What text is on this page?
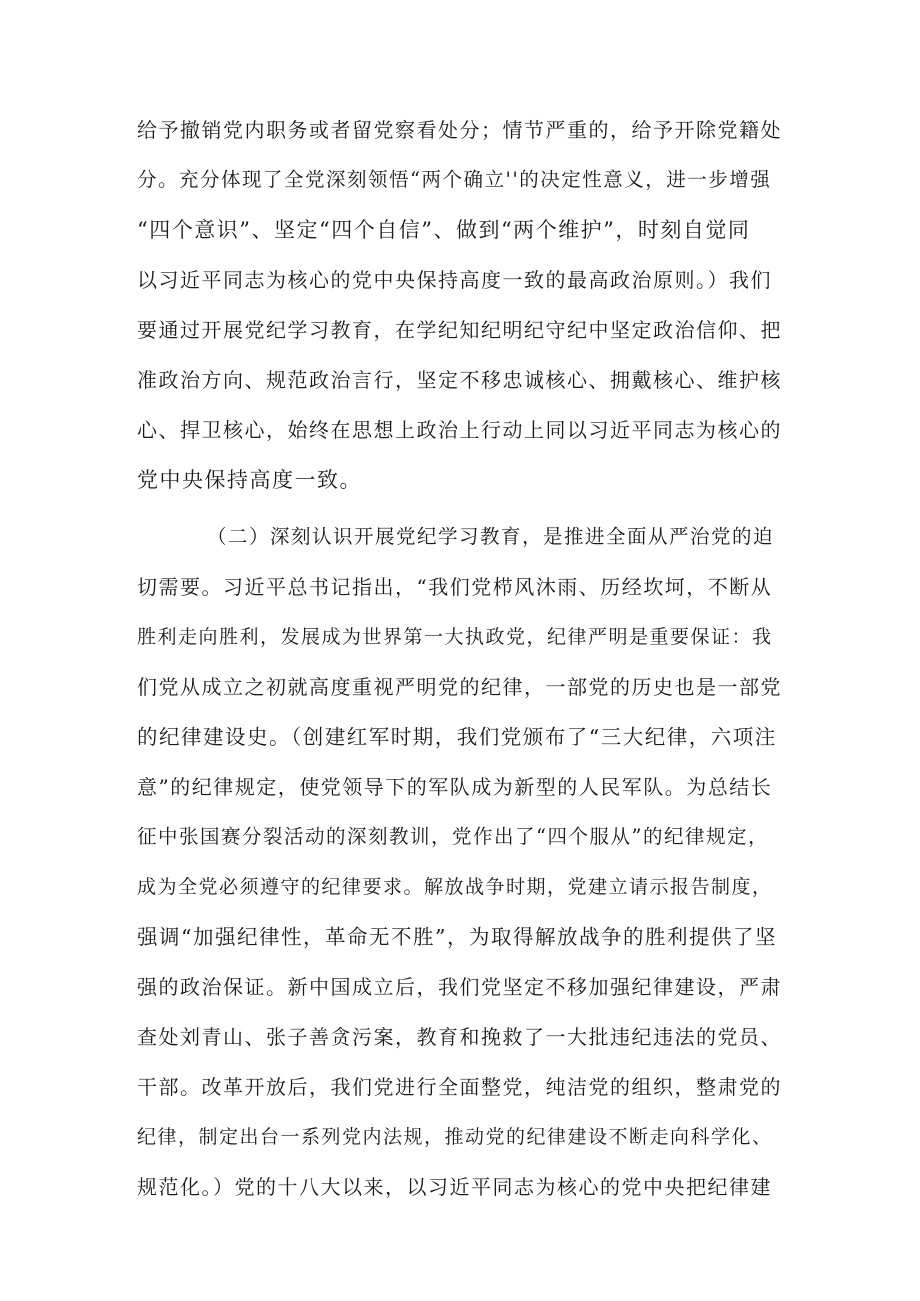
给予撤销党内职务或者留党察看处分；情节严重的，给予开除党籍处
分。充分体现了全党深刻领悟“两个确立''的决定性意义，进一步增强
“四个意识”、坚定“四个自信”、做到“两个维护”，时刻自觉同
以习近平同志为核心的党中央保持高度一致的最高政治原则。）我们
要通过开展党纪学习教育，在学纪知纪明纪守纪中坚定政治信仰、把
准政治方向、规范政治言行，坚定不移忠诚核心、拥戴核心、维护核
心、捍卫核心，始终在思想上政治上行动上同以习近平同志为核心的
党中央保持高度一致。
（二）深刻认识开展党纪学习教育，是推进全面从严治党的迫
切需要。习近平总书记指出，“我们党栉风沐雨、历经坎坷，不断从
胜利走向胜利，发展成为世界第一大执政党，纪律严明是重要保证：我
们党从成立之初就高度重视严明党的纪律，一部党的历史也是一部党
的纪律建设史。（创建红军时期，我们党颁布了“三大纪律，六项注
意”的纪律规定，使党领导下的军队成为新型的人民军队。为总结长
征中张国赛分裂活动的深刻教训，党作出了“四个服从”的纪律规定，
成为全党必须遵守的纪律要求。解放战争时期，党建立请示报告制度，
强调“加强纪律性，革命无不胜”，为取得解放战争的胜利提供了坚
强的政治保证。新中国成立后，我们党坚定不移加强纪律建设，严肃
查处刘青山、张子善贪污案，教育和挽救了一大批违纪违法的党员、
干部。改革开放后，我们党进行全面整党，纯洁党的组织，整肃党的
纪律，制定出台一系列党内法规，推动党的纪律建设不断走向科学化、
规范化。）党的十八大以来，以习近平同志为核心的党中央把纪律建
